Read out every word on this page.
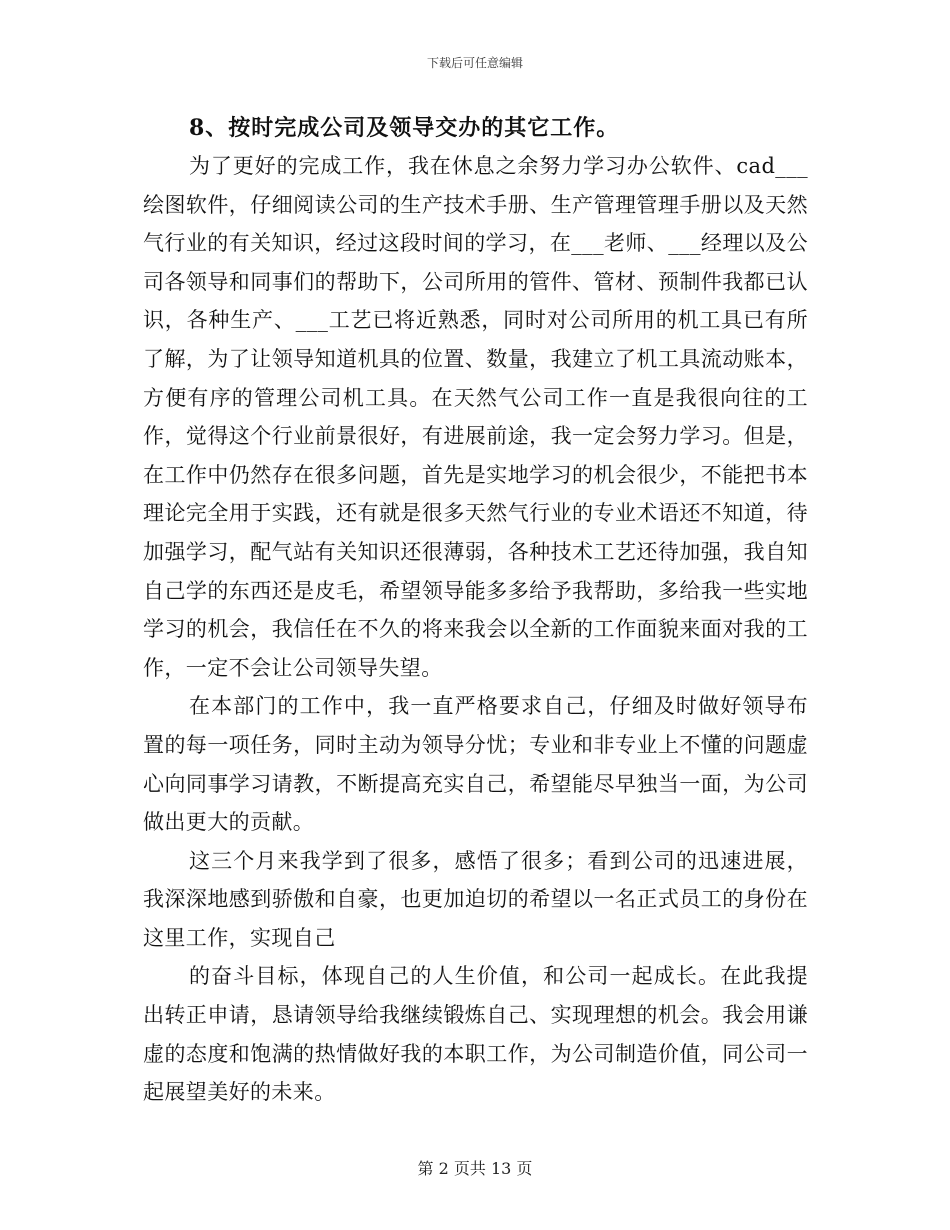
下载后可任意编辑

8、按时完成公司及领导交办的其它工作。

为了更好的完成工作，我在休息之余努力学习办公软件、cad___绘图软件，仔细阅读公司的生产技术手册、生产管理管理手册以及天然气行业的有关知识，经过这段时间的学习，在___老师、___经理以及公司各领导和同事们的帮助下，公司所用的管件、管材、预制件我都已认识，各种生产、___工艺已将近熟悉，同时对公司所用的机工具已有所了解，为了让领导知道机具的位置、数量，我建立了机工具流动账本，方便有序的管理公司机工具。在天然气公司工作一直是我很向往的工作，觉得这个行业前景很好，有进展前途，我一定会努力学习。但是，在工作中仍然存在很多问题，首先是实地学习的机会很少，不能把书本理论完全用于实践，还有就是很多天然气行业的专业术语还不知道，待加强学习，配气站有关知识还很薄弱，各种技术工艺还待加强，我自知自己学的东西还是皮毛，希望领导能多多给予我帮助，多给我一些实地学习的机会，我信任在不久的将来我会以全新的工作面貌来面对我的工作，一定不会让公司领导失望。

在本部门的工作中，我一直严格要求自己，仔细及时做好领导布置的每一项任务，同时主动为领导分忧；专业和非专业上不懂的问题虚心向同事学习请教，不断提高充实自己，希望能尽早独当一面，为公司做出更大的贡献。

这三个月来我学到了很多，感悟了很多；看到公司的迅速进展，我深深地感到骄傲和自豪，也更加迫切的希望以一名正式员工的身份在这里工作，实现自己

的奋斗目标，体现自己的人生价值，和公司一起成长。在此我提出转正申请，恳请领导给我继续锻炼自己、实现理想的机会。我会用谦虚的态度和饱满的热情做好我的本职工作，为公司制造价值，同公司一起展望美好的未来。

第 2 页共 13 页
